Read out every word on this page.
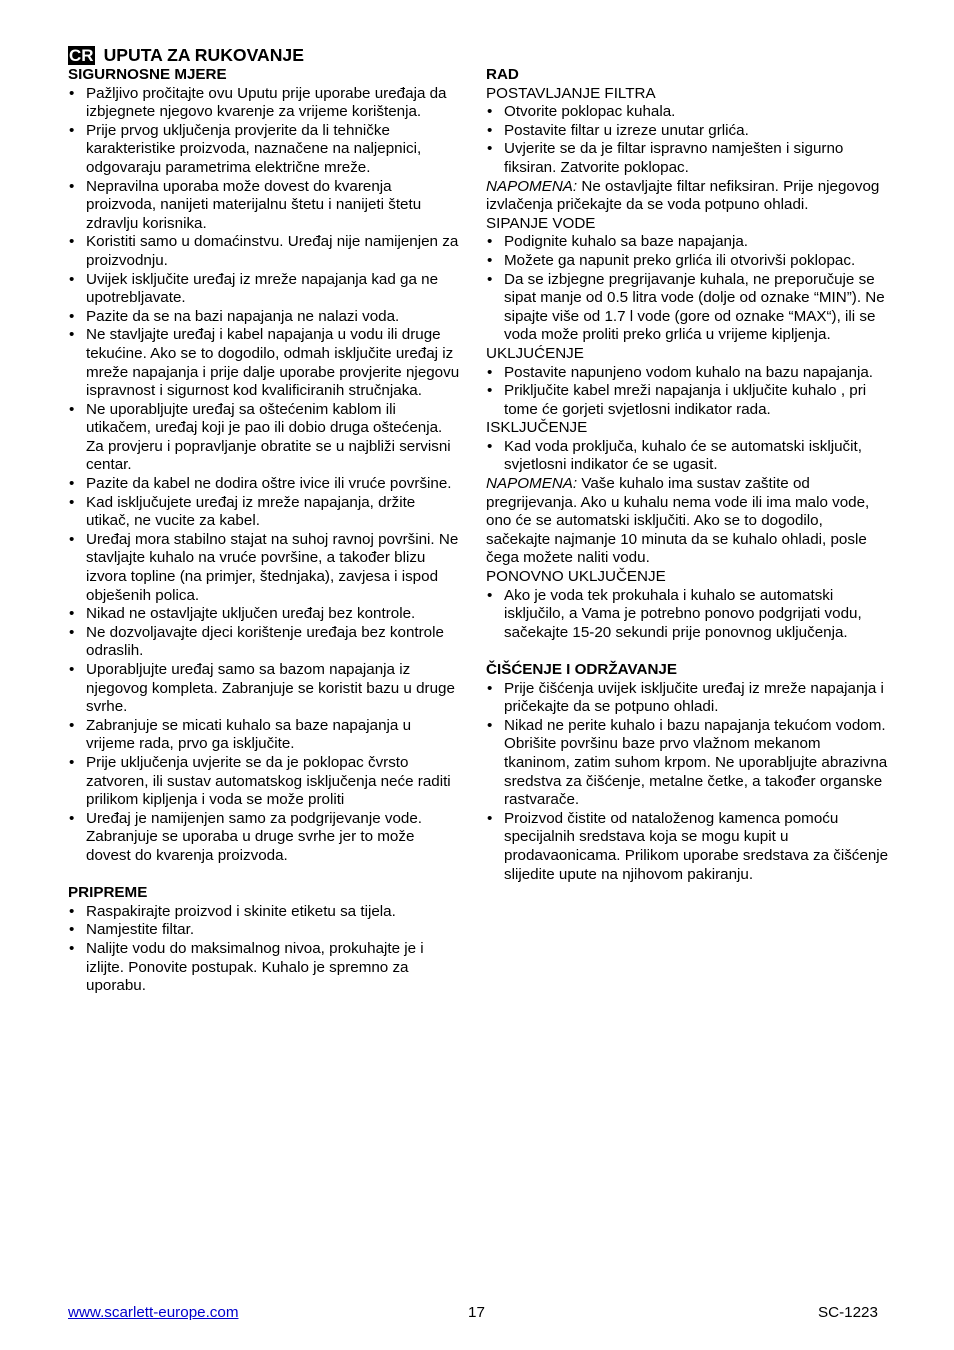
CR UPUTA ZA RUKOVANJE
SIGURNOSNE MJERE
• Pažljivo pročitajte ovu Uputu prije uporabe uređaja da izbjegnete njegovo kvarenje za vrijeme korištenja.
• Prije prvog uključenja provjerite da li tehničke karakteristike proizvoda, naznačene na naljepnici, odgovaraju parametrima električne mreže.
• Nepravilna uporaba može dovest do kvarenja proizvoda, nanijeti materijalnu štetu i nanijeti štetu zdravlju korisnika.
• Koristiti samo u domaćinstvu. Uređaj nije namijenjen za proizvodnju.
• Uvijek isključite uređaj iz mreže napajanja kad ga ne upotrebljavate.
• Pazite da se na bazi napajanja ne nalazi voda.
• Ne stavljajte uređaj i kabel napajanja u vodu ili druge tekućine. Ako se to dogodilo, odmah isključite uređaj iz mreže napajanja i prije dalje uporabe provjerite njegovu ispravnost i sigurnost kod kvalificiranih stručnjaka.
• Ne uporabljujte uređaj sa oštećenim kablom ili utikačem, uređaj koji je pao ili dobio druga oštećenja. Za provjeru i popravljanje obratite se u najbliži servisni centar.
• Pazite da kabel ne dodira oštre ivice ili vruće površine.
• Kad isključujete uređaj iz mreže napajanja, držite utikač, ne vucite za kabel.
• Uređaj mora stabilno stajat na suhoj ravnoj površini. Ne stavljajte kuhalo na vruće površine, a također blizu izvora topline (na primjer, štednjaka), zavjesa i ispod obješenih polica.
• Nikad ne ostavljajte uključen uređaj bez kontrole.
• Ne dozvoljavajte djeci korištenje uređaja bez kontrole odraslih.
• Uporabljujte uređaj samo sa bazom napajanja iz njegovog kompleta. Zabranjuje se koristit bazu u druge svrhe.
• Zabranjuje se micati kuhalo sa baze napajanja u vrijeme rada, prvo ga isključite.
• Prije uključenja uvjerite se da je poklopac čvrsto zatvoren, ili sustav automatskog isključenja neće raditi prilikom kipljenja i voda se može proliti
• Uređaj je namijenjen samo za podgrijevanje vode. Zabranjuje se uporaba u druge svrhe jer to može dovest do kvarenja proizvoda.
PRIPREME
• Raspakirajte proizvod i skinite etiketu sa tijela.
• Namjestite filtar.
• Nalijte vodu do maksimalnog nivoa, prokuhajte je i izlijte. Ponovite postupak. Kuhalo je spremno za uporabu.
RAD
POSTAVLJANJE FILTRA
• Otvorite poklopac kuhala.
• Postavite filtar u izreze unutar grlića.
• Uvjerite se da je filtar ispravno namješten i sigurno fiksiran. Zatvorite poklopac.
NAPOMENA: Ne ostavljajte filtar nefiksiran. Prije njegovog izvlačenja pričekajte da se voda potpuno ohladi.
SIPANJE VODE
• Podignite kuhalo sa baze napajanja.
• Možete ga napunit preko grlića ili otvorivši poklopac.
• Da se izbjegne pregrijavanje kuhala, ne preporučuje se sipat manje od 0.5 litra vode (dolje od oznake “MIN”). Ne sipajte više od 1.7 l vode (gore od oznake “MAX“), ili se voda može proliti preko grlića u vrijeme kipljenja.
UKLJUĆENJE
• Postavite napunjeno vodom kuhalo na bazu napajanja.
• Priključite kabel mreži napajanja i uključite kuhalo , pri tome će gorjeti svjetlosni indikator rada.
ISKLJUČENJE
• Kad voda proključa, kuhalo će se automatski isključit, svjetlosni indikator će se ugasit.
NAPOMENA: Vaše kuhalo ima sustav zaštite od pregrijevanja. Ako u kuhalu nema vode ili ima malo vode, ono će se automatski isključiti. Ako se to dogodilo, sačekajte najmanje 10 minuta da se kuhalo ohladi, posle čega možete naliti vodu.
PONOVNO UKLJUČENJE
• Ako je voda tek prokuhala i kuhalo se automatski isključilo, a Vama je potrebno ponovo podgrijati vodu, sačekajte 15-20 sekundi prije ponovnog uključenja.
ČIŠĆENJE I ODRŽAVANJE
• Prije čišćenja uvijek isključite uređaj iz mreže napajanja i pričekajte da se potpuno ohladi.
• Nikad ne perite kuhalo i bazu napajanja tekućom vodom. Obrišite površinu baze prvo vlažnom mekanom tkaninom, zatim suhom krpom. Ne uporabljujte abrazivna sredstva za čišćenje, metalne četke, a također organske rastvarače.
• Proizvod čistite od nataloženog kamenca pomoću specijalnih sredstava koja se mogu kupit u prodavaonicama. Prilikom uporabe sredstava za čišćenje slijedite upute na njihovom pakiranju.
www.scarlett-europe.com	17	SC-1223
